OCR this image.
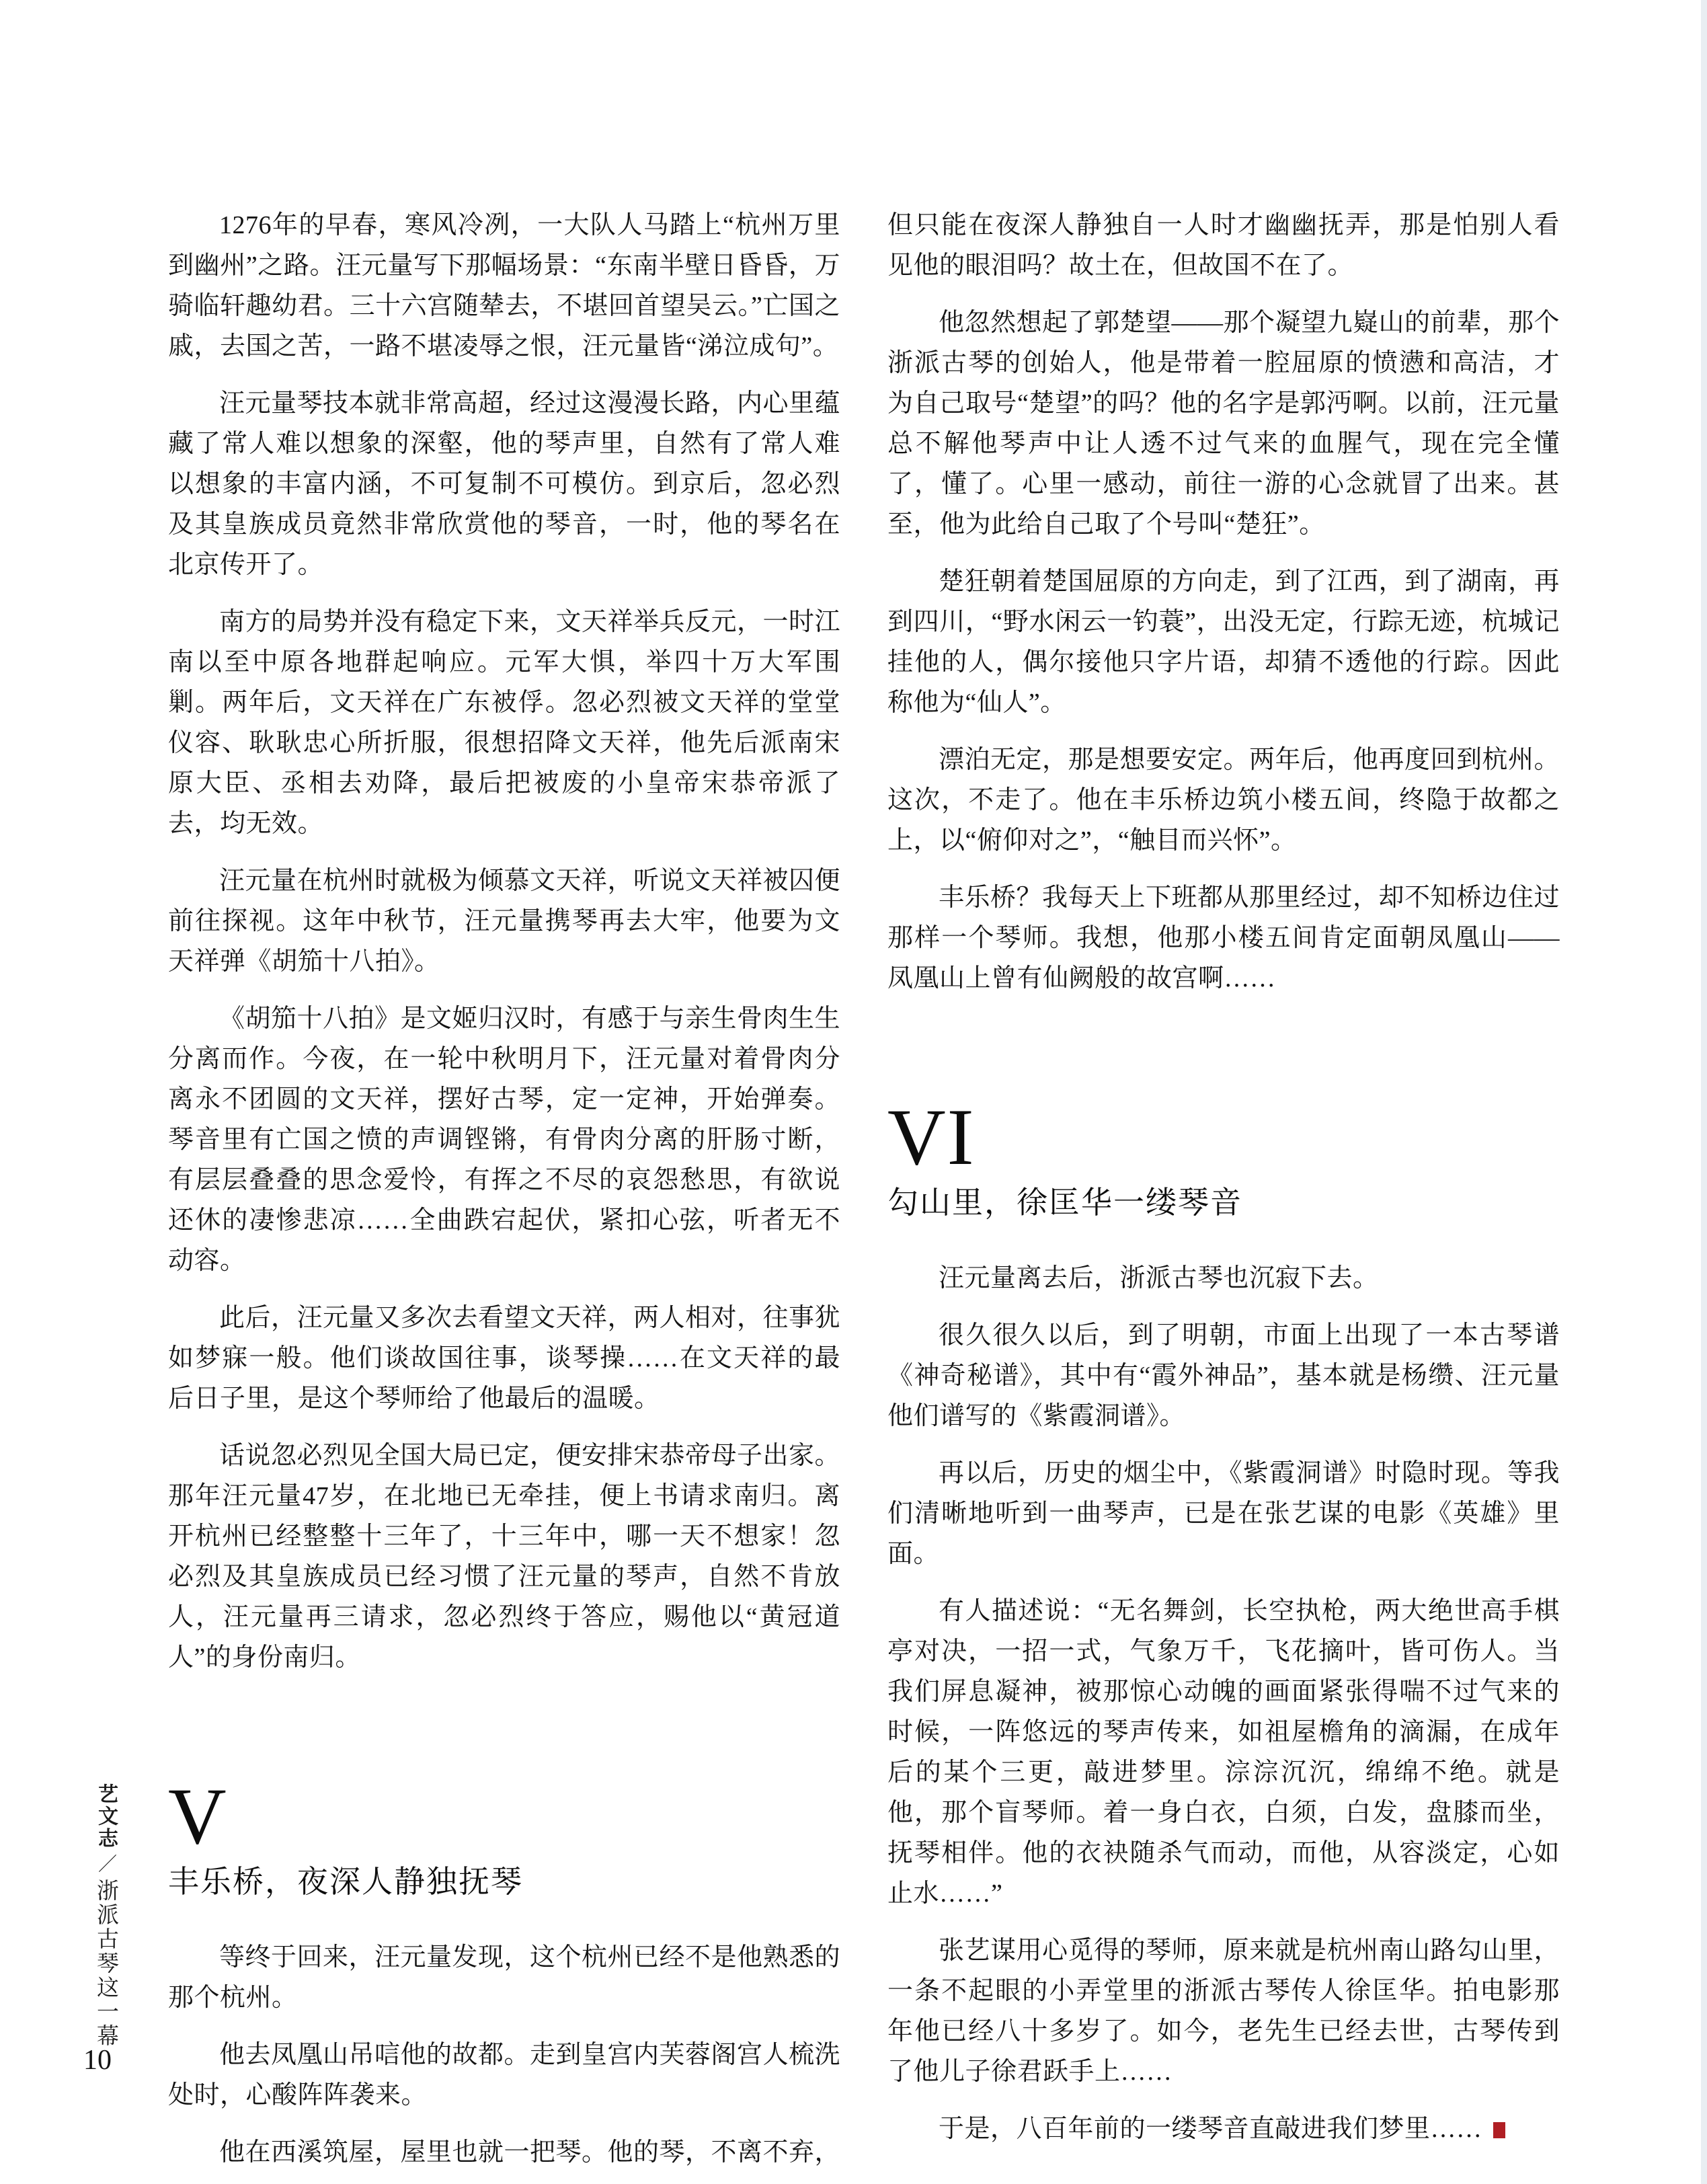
艺文志／浙派古琴这一幕
10

1276年的早春，寒风冷冽，一大队人马踏上“杭州万里到幽州”之路。汪元量写下那幅场景：“东南半壁日昏昏，万骑临轩趣幼君。三十六宫随辇去，不堪回首望吴云。”亡国之戚，去国之苦，一路不堪凌辱之恨，汪元量皆“涕泣成句”。

汪元量琴技本就非常高超，经过这漫漫长路，内心里蕴藏了常人难以想象的深壑，他的琴声里，自然有了常人难以想象的丰富内涵，不可复制不可模仿。到京后，忽必烈及其皇族成员竟然非常欣赏他的琴音，一时，他的琴名在北京传开了。

南方的局势并没有稳定下来，文天祥举兵反元，一时江南以至中原各地群起响应。元军大惧，举四十万大军围剿。两年后，文天祥在广东被俘。忽必烈被文天祥的堂堂仪容、耿耿忠心所折服，很想招降文天祥，他先后派南宋原大臣、丞相去劝降，最后把被废的小皇帝宋恭帝派了去，均无效。

汪元量在杭州时就极为倾慕文天祥，听说文天祥被囚便前往探视。这年中秋节，汪元量携琴再去大牢，他要为文天祥弹《胡笳十八拍》。

《胡笳十八拍》是文姬归汉时，有感于与亲生骨肉生生分离而作。今夜，在一轮中秋明月下，汪元量对着骨肉分离永不团圆的文天祥，摆好古琴，定一定神，开始弹奏。琴音里有亡国之愤的声调铿锵，有骨肉分离的肝肠寸断，有层层叠叠的思念爱怜，有挥之不尽的哀怨愁思，有欲说还休的凄惨悲凉……全曲跌宕起伏，紧扣心弦，听者无不动容。

此后，汪元量又多次去看望文天祥，两人相对，往事犹如梦寐一般。他们谈故国往事，谈琴操……在文天祥的最后日子里，是这个琴师给了他最后的温暖。

话说忽必烈见全国大局已定，便安排宋恭帝母子出家。那年汪元量47岁，在北地已无牵挂，便上书请求南归。离开杭州已经整整十三年了，十三年中，哪一天不想家！忽必烈及其皇族成员已经习惯了汪元量的琴声，自然不肯放人，汪元量再三请求，忽必烈终于答应，赐他以“黄冠道人”的身份南归。

V
丰乐桥，夜深人静独抚琴

等终于回来，汪元量发现，这个杭州已经不是他熟悉的那个杭州。

他去凤凰山吊唁他的故都。走到皇宫内芙蓉阁宫人梳洗处时，心酸阵阵袭来。

他在西溪筑屋，屋里也就一把琴。他的琴，不离不弃，

但只能在夜深人静独自一人时才幽幽抚弄，那是怕别人看见他的眼泪吗？故土在，但故国不在了。

他忽然想起了郭楚望——那个凝望九嶷山的前辈，那个浙派古琴的创始人，他是带着一腔屈原的愤懑和高洁，才为自己取号“楚望”的吗？他的名字是郭沔啊。以前，汪元量总不解他琴声中让人透不过气来的血腥气，现在完全懂了，懂了。心里一感动，前往一游的心念就冒了出来。甚至，他为此给自己取了个号叫“楚狂”。

楚狂朝着楚国屈原的方向走，到了江西，到了湖南，再到四川，“野水闲云一钓蓑”，出没无定，行踪无迹，杭城记挂他的人，偶尔接他只字片语，却猜不透他的行踪。因此称他为“仙人”。

漂泊无定，那是想要安定。两年后，他再度回到杭州。这次，不走了。他在丰乐桥边筑小楼五间，终隐于故都之上，以“俯仰对之”，“触目而兴怀”。

丰乐桥？我每天上下班都从那里经过，却不知桥边住过那样一个琴师。我想，他那小楼五间肯定面朝凤凰山——凤凰山上曾有仙阙般的故宫啊……

VI
勾山里，徐匡华一缕琴音

汪元量离去后，浙派古琴也沉寂下去。

很久很久以后，到了明朝，市面上出现了一本古琴谱《神奇秘谱》，其中有“霞外神品”，基本就是杨缵、汪元量他们谱写的《紫霞洞谱》。

再以后，历史的烟尘中，《紫霞洞谱》时隐时现。等我们清晰地听到一曲琴声，已是在张艺谋的电影《英雄》里面。

有人描述说：“无名舞剑，长空执枪，两大绝世高手棋亭对决，一招一式，气象万千，飞花摘叶，皆可伤人。当我们屏息凝神，被那惊心动魄的画面紧张得喘不过气来的时候，一阵悠远的琴声传来，如祖屋檐角的滴漏，在成年后的某个三更，敲进梦里。淙淙沉沉，绵绵不绝。就是他，那个盲琴师。着一身白衣，白须，白发，盘膝而坐，抚琴相伴。他的衣袂随杀气而动，而他，从容淡定，心如止水……”

张艺谋用心觅得的琴师，原来就是杭州南山路勾山里，一条不起眼的小弄堂里的浙派古琴传人徐匡华。拍电影那年他已经八十多岁了。如今，老先生已经去世，古琴传到了他儿子徐君跃手上……

于是，八百年前的一缕琴音直敲进我们梦里……
